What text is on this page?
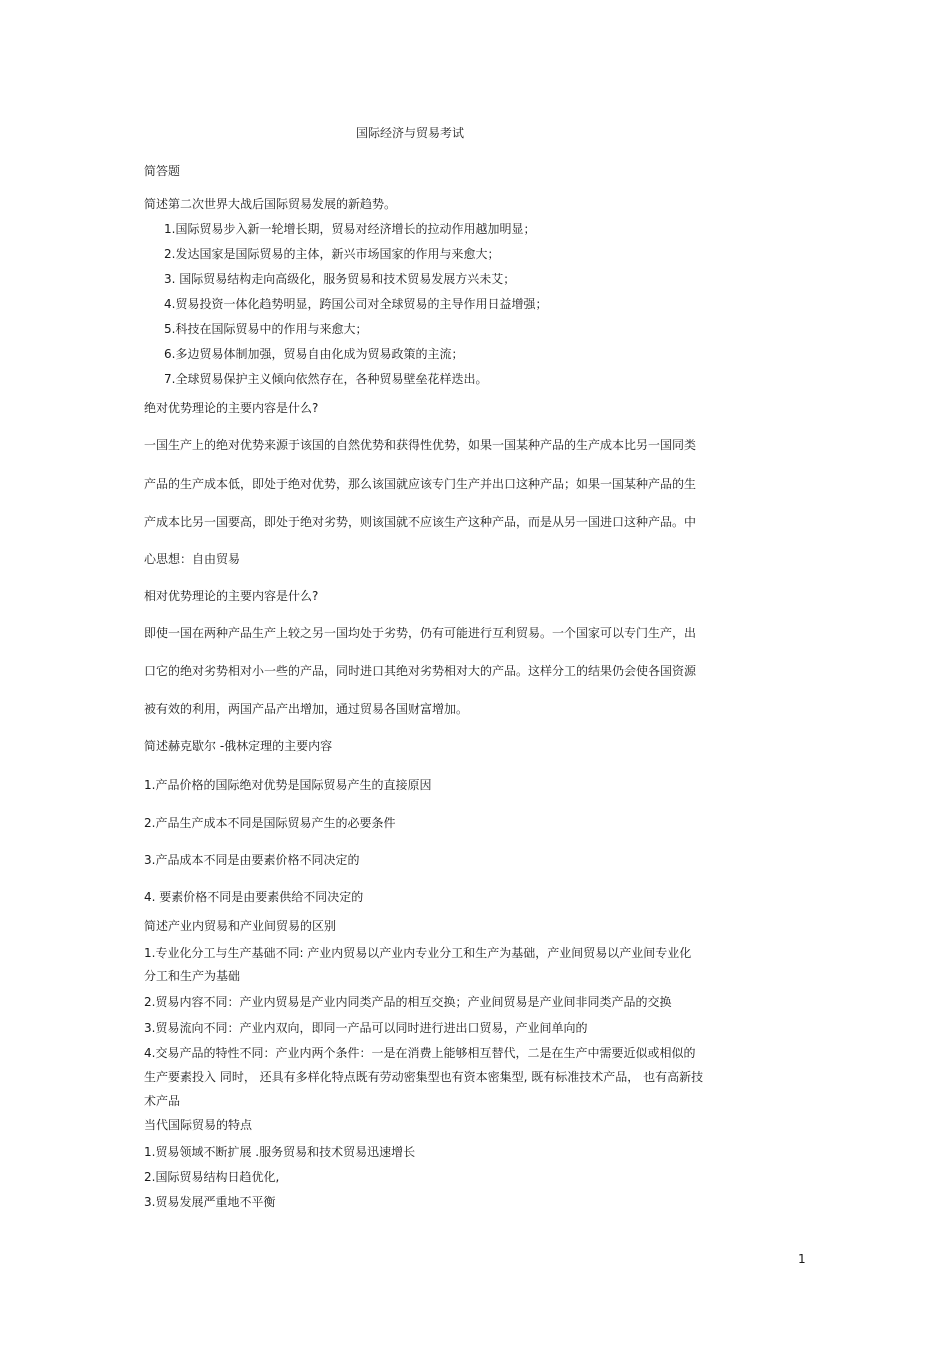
国际经济与贸易考试
简答题
简述第二次世界大战后国际贸易发展的新趋势。
1.国际贸易步入新一轮增长期，贸易对经济增长的拉动作用越加明显；
2.发达国家是国际贸易的主体，新兴市场国家的作用与来愈大；
3. 国际贸易结构走向高级化，服务贸易和技术贸易发展方兴未艾；
4.贸易投资一体化趋势明显，跨国公司对全球贸易的主导作用日益增强；
5.科技在国际贸易中的作用与来愈大；
6.多边贸易体制加强，贸易自由化成为贸易政策的主流；
7.全球贸易保护主义倾向依然存在，各种贸易壁垒花样迭出。
绝对优势理论的主要内容是什么?
一国生产上的绝对优势来源于该国的自然优势和获得性优势，如果一国某种产品的生产成本比另一国同类
产品的生产成本低，即处于绝对优势，那么该国就应该专门生产并出口这种产品；如果一国某种产品的生
产成本比另一国要高，即处于绝对劣势，则该国就不应该生产这种产品，而是从另一国进口这种产品。中
心思想：自由贸易
相对优势理论的主要内容是什么?
即使一国在两种产品生产上较之另一国均处于劣势，仍有可能进行互利贸易。一个国家可以专门生产，出
口它的绝对劣势相对小一些的产品，同时进口其绝对劣势相对大的产品。这样分工的结果仍会使各国资源
被有效的利用，两国产品产出增加，通过贸易各国财富增加。
简述赫克歇尔 -俄林定理的主要内容
1.产品价格的国际绝对优势是国际贸易产生的直接原因
2.产品生产成本不同是国际贸易产生的必要条件
3.产品成本不同是由要素价格不同决定的
4. 要素价格不同是由要素供给不同决定的
简述产业内贸易和产业间贸易的区别
1.专业化分工与生产基础不同: 产业内贸易以产业内专业分工和生产为基础，产业间贸易以产业间专业化
分工和生产为基础
2.贸易内容不同：产业内贸易是产业内同类产品的相互交换；产业间贸易是产业间非同类产品的交换
3.贸易流向不同：产业内双向，即同一产品可以同时进行进出口贸易，产业间单向的
4.交易产品的特性不同：产业内两个条件：一是在消费上能够相互替代，二是在生产中需要近似或相似的
生产要素投入 同时， 还具有多样化特点既有劳动密集型也有资本密集型, 既有标准技术产品， 也有高新技
术产品
当代国际贸易的特点
1.贸易领域不断扩展 .服务贸易和技术贸易迅速增长
2.国际贸易结构日趋优化,
3.贸易发展严重地不平衡
1
